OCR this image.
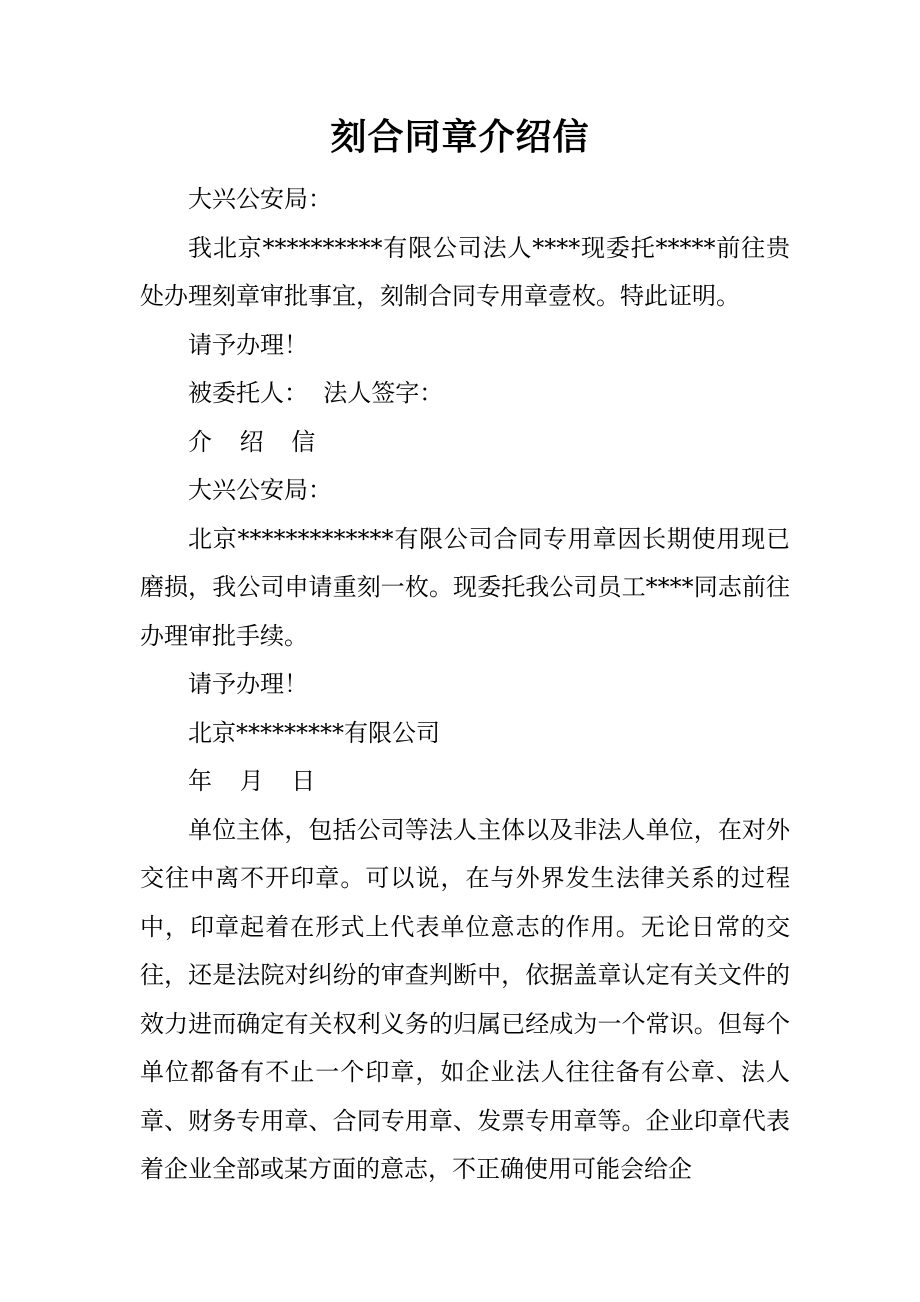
刻合同章介绍信

大兴公安局：

我北京**********有限公司法人****现委托*****前往贵处办理刻章审批事宜，刻制合同专用章壹枚。特此证明。

请予办理！

被委托人：  法人签字：

介 绍 信

大兴公安局：

北京*************有限公司合同专用章因长期使用现已磨损，我公司申请重刻一枚。现委托我公司员工****同志前往办理审批手续。

请予办理！

北京*********有限公司

年 月 日

单位主体，包括公司等法人主体以及非法人单位，在对外交往中离不开印章。可以说，在与外界发生法律关系的过程中，印章起着在形式上代表单位意志的作用。无论日常的交往，还是法院对纠纷的审查判断中，依据盖章认定有关文件的效力进而确定有关权利义务的归属已经成为一个常识。但每个单位都备有不止一个印章，如企业法人往往备有公章、法人章、财务专用章、合同专用章、发票专用章等。企业印章代表着企业全部或某方面的意志，不正确使用可能会给企
